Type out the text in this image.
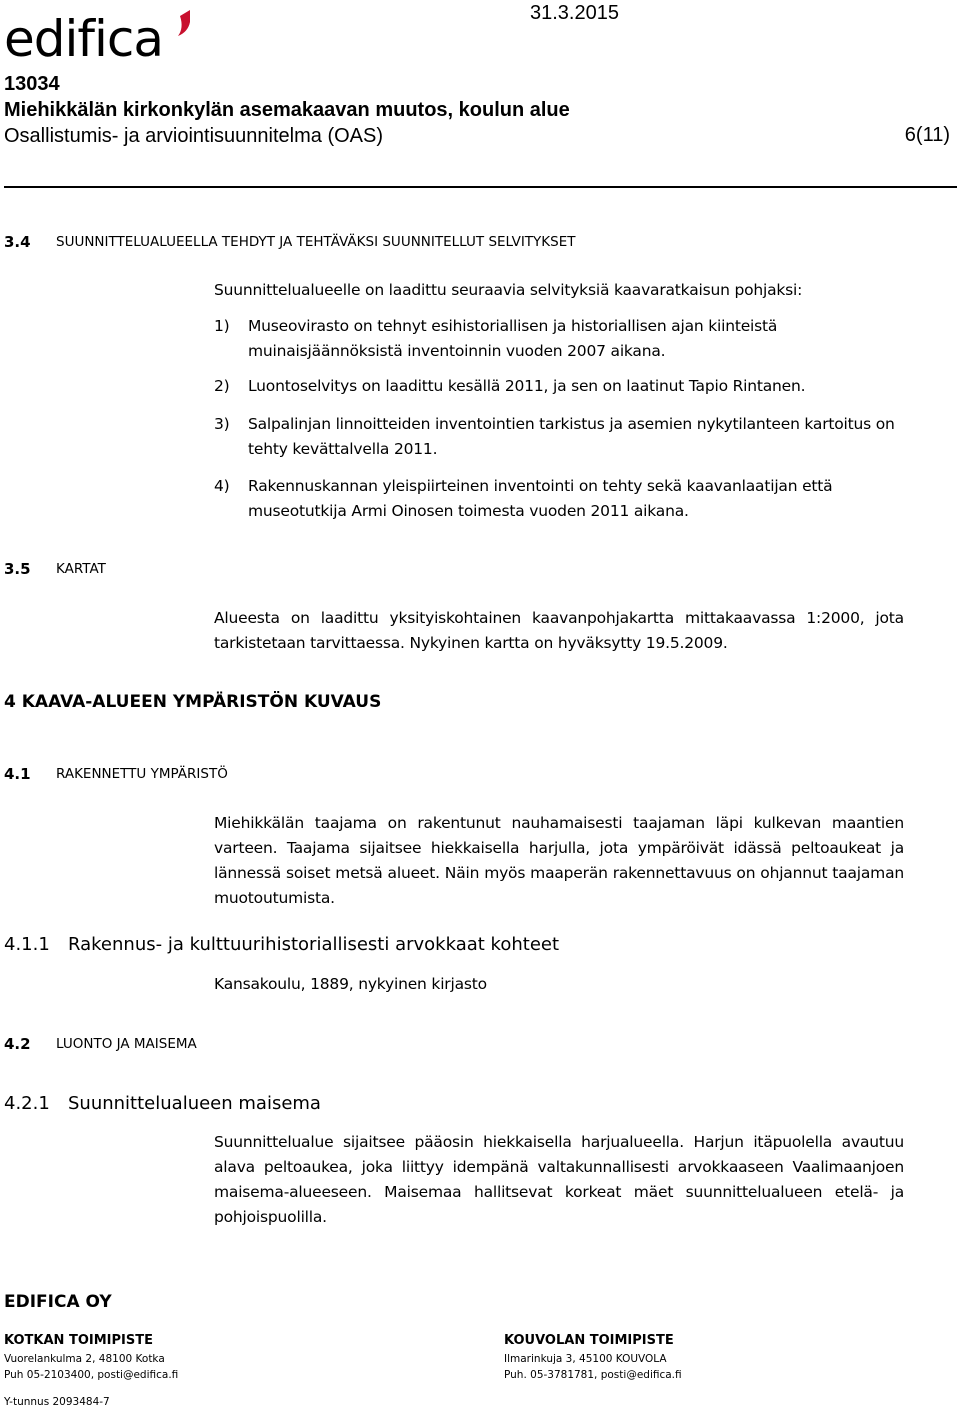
edifica	31.3.2015
13034
Miehikkälän kirkonkylän asemakaavan muutos, koulun alue
Osallistumis- ja arviointisuunnitelma (OAS)	6(11)
3.4 SUUNNITTELUALUEELLA TEHDYT JA TEHTÄVÄKSI SUUNNITELLUT SELVITYKSET
Suunnittelualueelle on laadittu seuraavia selvityksiä kaavaratkaisun pohjaksi:
1) Museovirasto on tehnyt esihistoriallisen ja historiallisen ajan kiinteistä muinaisjäännöksistä inventoinnin vuoden 2007 aikana.
2) Luontoselvitys on laadittu kesällä 2011, ja sen on laatinut Tapio Rintanen.
3) Salpalinjan linnoitteiden inventointien tarkistus ja asemien nykytilanteen kartoitus on tehty kevättalvella 2011.
4) Rakennuskannan yleispiirteinen inventointi on tehty sekä kaavanlaatijan että museotutkija Armi Oinosen toimesta vuoden 2011 aikana.
3.5 KARTAT
Alueesta on laadittu yksityiskohtainen kaavanpohjakartta mittakaavassa 1:2000, jota tarkistetaan tarvittaessa. Nykyinen kartta on hyväksytty 19.5.2009.
4 KAAVA-ALUEEN YMPÄRISTÖN KUVAUS
4.1 RAKENNETTU YMPÄRISTÖ
Miehikkälän taajama on rakentunut nauhamaisesti taajaman läpi kulkevan maantien varteen. Taajama sijaitsee hiekkaisella harjulla, jota ympäröivät idässä peltoaukeat ja lännessä soiset metsä alueet. Näin myös maaperän rakennettavuus on ohjannut taajaman muotoutumista.
4.1.1 Rakennus- ja kulttuurihistoriallisesti arvokkaat kohteet
Kansakoulu, 1889, nykyinen kirjasto
4.2 LUONTO JA MAISEMA
4.2.1 Suunnittelualueen maisema
Suunnittelualue sijaitsee pääosin hiekkaisella harjualueella. Harjun itäpuolella avautuu alava peltoaukea, joka liittyy idempänä valtakunnallisesti arvokkaaseen Vaalimaanjoen maisema-alueeseen. Maisemaa hallitsevat korkeat mäet suunnittelualueen etelä- ja pohjoispuolilla.
EDIFICA OY
KOTKAN TOIMIPISTE
Vuorelankulma 2, 48100 Kotka
Puh 05-2103400, posti@edifica.fi
KOUVOLAN TOIMIPISTE
Ilmarinkuja 3, 45100 KOUVOLA
Puh. 05-3781781, posti@edifica.fi
Y-tunnus 2093484-7
